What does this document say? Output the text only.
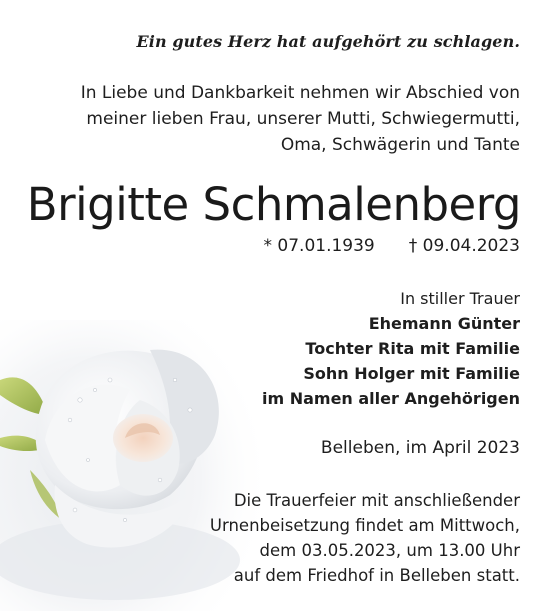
Ein gutes Herz hat aufgehört zu schlagen.
In Liebe und Dankbarkeit nehmen wir Abschied von
meiner lieben Frau, unserer Mutti, Schwiegermutti,
Oma, Schwägerin und Tante
Brigitte Schmalenberg
* 07.01.1939 † 09.04.2023
In stiller Trauer
Ehemann Günter
Tochter Rita mit Familie
Sohn Holger mit Familie
im Namen aller Angehörigen
Belleben, im April 2023
Die Trauerfeier mit anschließender
Urnenbeisetzung findet am Mittwoch,
dem 03.05.2023, um 13.00 Uhr
auf dem Friedhof in Belleben statt.
